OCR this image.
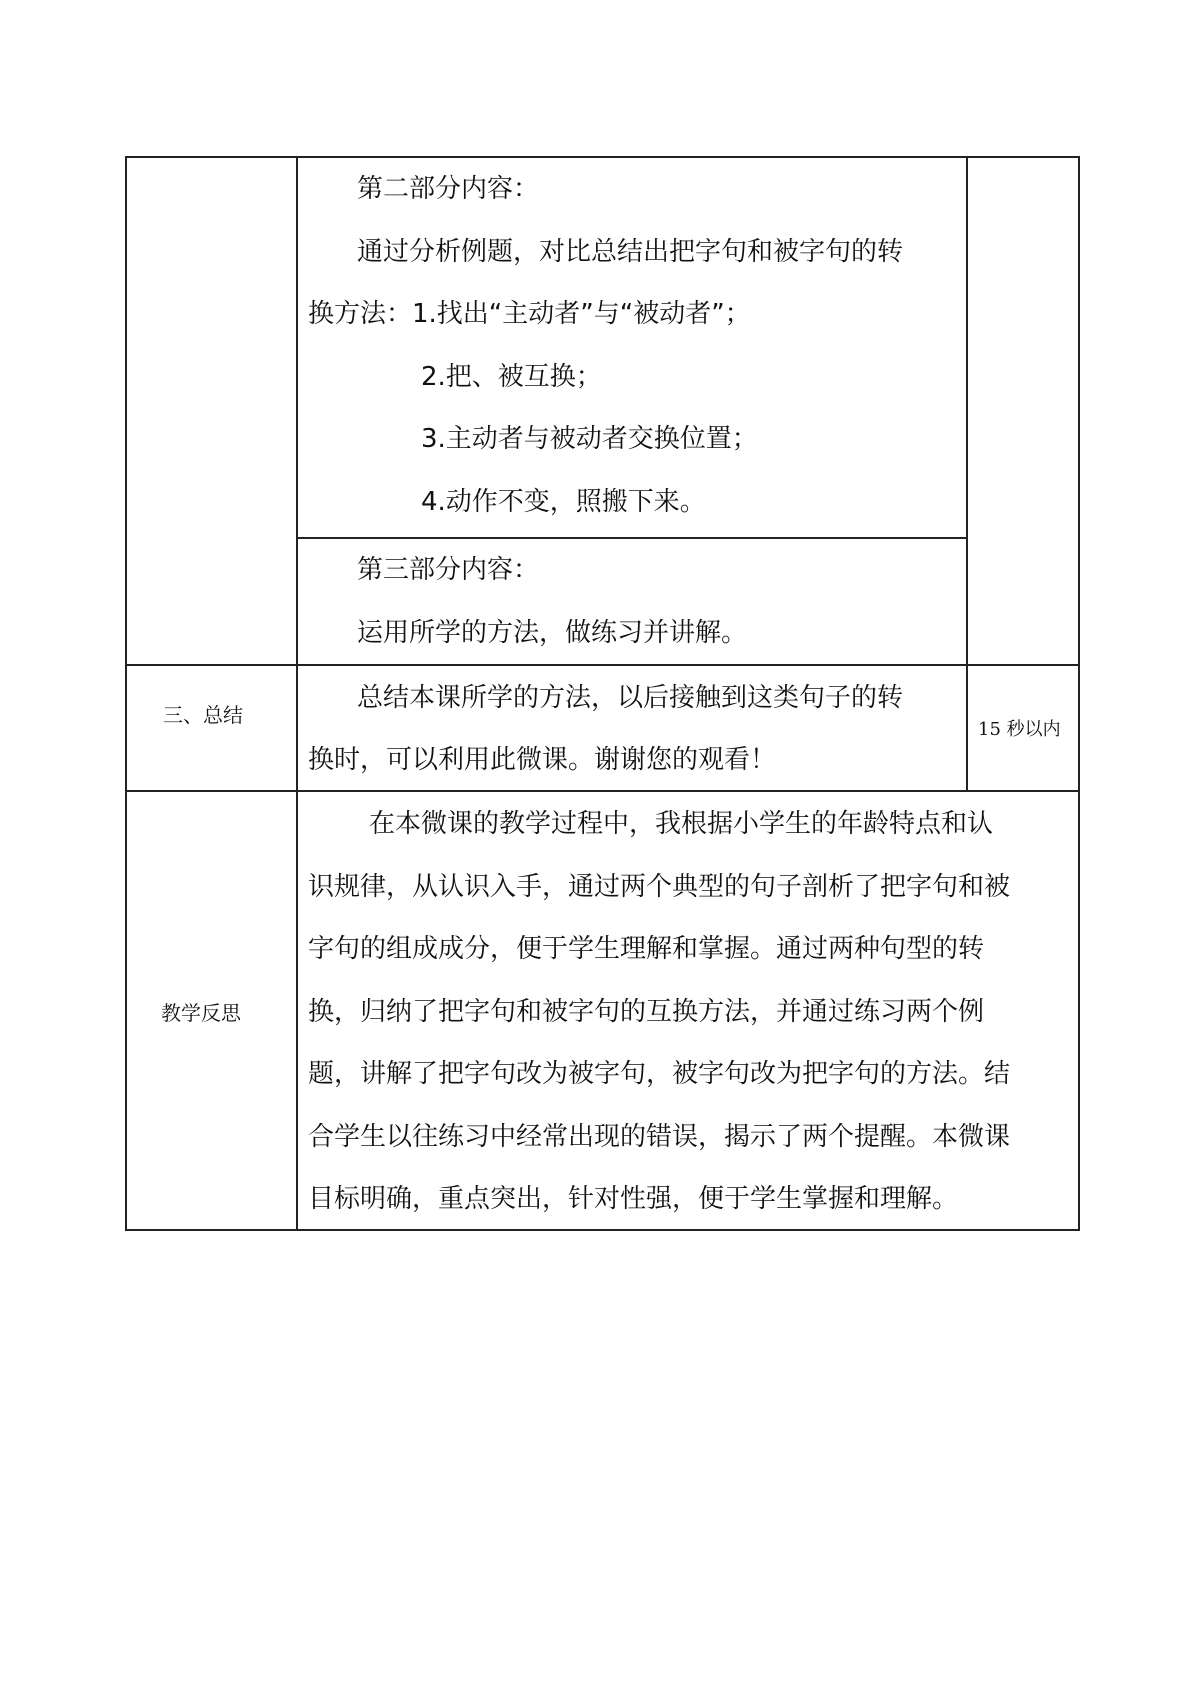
第二部分内容：
通过分析例题，对比总结出把字句和被字句的转
换方法：1.找出“主动者”与“被动者”；
2.把、被互换；
3.主动者与被动者交换位置；
4.动作不变，照搬下来。
第三部分内容：
运用所学的方法，做练习并讲解。
三、总结
总结本课所学的方法，以后接触到这类句子的转
换时，可以利用此微课。谢谢您的观看！
15 秒以内
教学反思
在本微课的教学过程中，我根据小学生的年龄特点和认
识规律，从认识入手，通过两个典型的句子剖析了把字句和被
字句的组成成分，便于学生理解和掌握。通过两种句型的转
换，归纳了把字句和被字句的互换方法，并通过练习两个例
题，讲解了把字句改为被字句，被字句改为把字句的方法。结
合学生以往练习中经常出现的错误，揭示了两个提醒。本微课
目标明确，重点突出，针对性强，便于学生掌握和理解。
